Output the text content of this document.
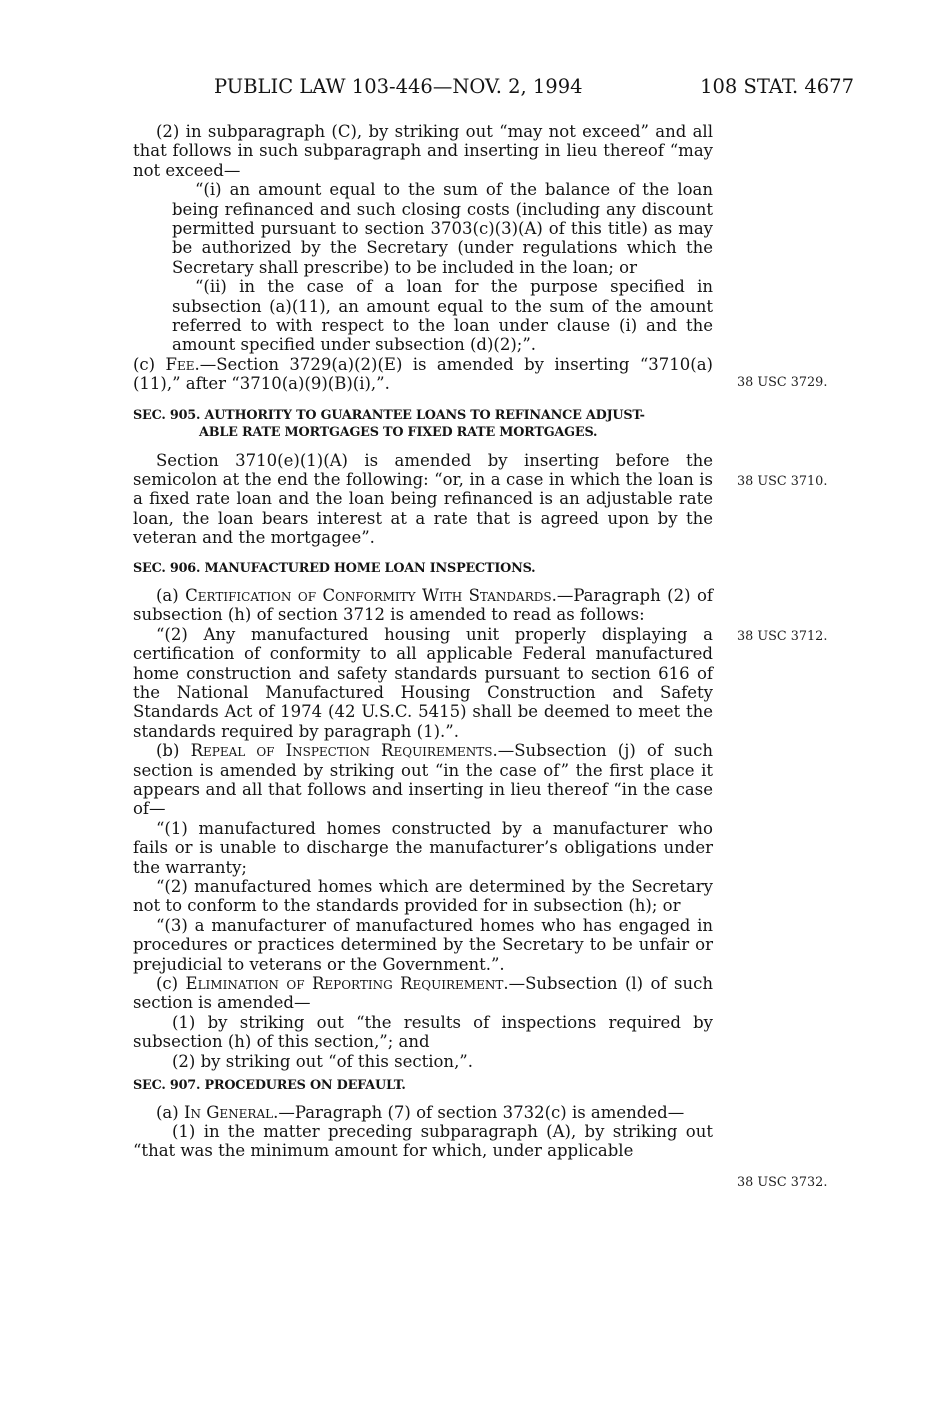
PUBLIC LAW 103-446—NOV. 2, 1994	108 STAT. 4677

(2) in subparagraph (C), by striking out “may not exceed” and all that follows in such subparagraph and inserting in lieu thereof “may not exceed—

“(i) an amount equal to the sum of the balance of the loan being refinanced and such closing costs (including any discount permitted pursuant to section 3703(c)(3)(A) of this title) as may be authorized by the Secretary (under regulations which the Secretary shall prescribe) to be included in the loan; or

“(ii) in the case of a loan for the purpose specified in subsection (a)(11), an amount equal to the sum of the amount referred to with respect to the loan under clause (i) and the amount specified under subsection (d)(2);”.

(c) Fee.—Section 3729(a)(2)(E) is amended by inserting “3710(a)(11),” after “3710(a)(9)(B)(i),”.

SEC. 905. AUTHORITY TO GUARANTEE LOANS TO REFINANCE ADJUST-
ABLE RATE MORTGAGES TO FIXED RATE MORTGAGES.

Section 3710(e)(1)(A) is amended by inserting before the semicolon at the end the following: “or, in a case in which the loan is a fixed rate loan and the loan being refinanced is an adjustable rate loan, the loan bears interest at a rate that is agreed upon by the veteran and the mortgagee”.

SEC. 906. MANUFACTURED HOME LOAN INSPECTIONS.

(a) Certification of Conformity With Standards.—Paragraph (2) of subsection (h) of section 3712 is amended to read as follows:

“(2) Any manufactured housing unit properly displaying a certification of conformity to all applicable Federal manufactured home construction and safety standards pursuant to section 616 of the National Manufactured Housing Construction and Safety Standards Act of 1974 (42 U.S.C. 5415) shall be deemed to meet the standards required by paragraph (1).”.

(b) Repeal of Inspection Requirements.—Subsection (j) of such section is amended by striking out “in the case of” the first place it appears and all that follows and inserting in lieu thereof “in the case of—

“(1) manufactured homes constructed by a manufacturer who fails or is unable to discharge the manufacturer’s obligations under the warranty;

“(2) manufactured homes which are determined by the Secretary not to conform to the standards provided for in subsection (h); or

“(3) a manufacturer of manufactured homes who has engaged in procedures or practices determined by the Secretary to be unfair or prejudicial to veterans or the Government.”.

(c) Elimination of Reporting Requirement.—Subsection (l) of such section is amended—

(1) by striking out “the results of inspections required by subsection (h) of this section,”; and

(2) by striking out “of this section,”.

SEC. 907. PROCEDURES ON DEFAULT.

(a) In General.—Paragraph (7) of section 3732(c) is amended—

(1) in the matter preceding subparagraph (A), by striking out “that was the minimum amount for which, under applicable

38 USC 3729.
38 USC 3710.
38 USC 3712.
38 USC 3732.
